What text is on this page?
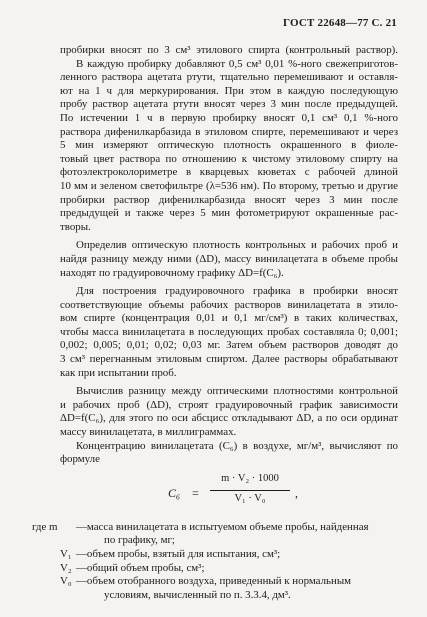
ГОСТ 22648—77 С. 21
пробирки вносят по 3 см³ этилового спирта (контрольный раствор).
В каждую пробирку добавляют 0,5 см³ 0,01 %-ного свежеприготов-
ленного раствора ацетата ртути, тщательно перемешивают и оставля-
ют на 1 ч для меркурирования. При этом в каждую последующую
пробу раствор ацетата ртути вносят через 3 мин после предыдущей.
По истечении 1 ч в первую пробирку вносят 0,1 см³ 0,1 %-ного
раствора дифенилкарбазида в этиловом спирте, перемешивают и через
5 мин измеряют оптическую плотность окрашенного в фиоле-
товый цвет раствора по отношению к чистому этиловому спирту на
фотоэлектроколориметре в кварцевых кюветах с рабочей длиной
10 мм и зеленом светофильтре (λ=536 нм). По второму, третью и другие
пробирки раствор дифенилкарбазида вносят через 3 мин после
предыдущей и также через 5 мин фотометрируют окрашенные рас-
творы.
Определив оптическую плотность контрольных и рабочих проб и
найдя разницу между ними (ΔD), массу винилацетата в объеме пробы
находят по градуировочному графику ΔD=f(C₆).
Для построения градуировочного графика в пробирки вносят
соответствующие объемы рабочих растворов винилацетата в этило-
вом спирте (концентрация 0,01 и 0,1 мг/см³) в таких количествах,
чтобы масса винилацетата в последующих пробах составляла 0; 0,001;
0,002; 0,005; 0,01; 0,02; 0,03 мг. Затем объем растворов доводят до
3 см³ перегнанным этиловым спиртом. Далее растворы обрабатывают
как при испытании проб.
Вычислив разницу между оптическими плотностями контрольной
и рабочих проб (ΔD), строят градуировочный график зависимости
ΔD=f(C₆), для этого по оси абсцисс откладывают ΔD, а по оси ординат
массу винилацетата, в миллиграммах.
Концентрацию винилацетата (C₆) в воздухе, мг/м³, вычисляют по
формуле
C₆ =
m · V₂ · 1000
V₁ · V₀	,
где m	— масса винилацетата в испытуемом объеме пробы, найденная
по графику, мг;
V₁ — объем пробы, взятый для испытания, см³;
V₂ — общий объем пробы, см³;
V₀ — объем отобранного воздуха, приведенный к нормальным
условиям, вычисленный по п. 3.3.4, дм³.
